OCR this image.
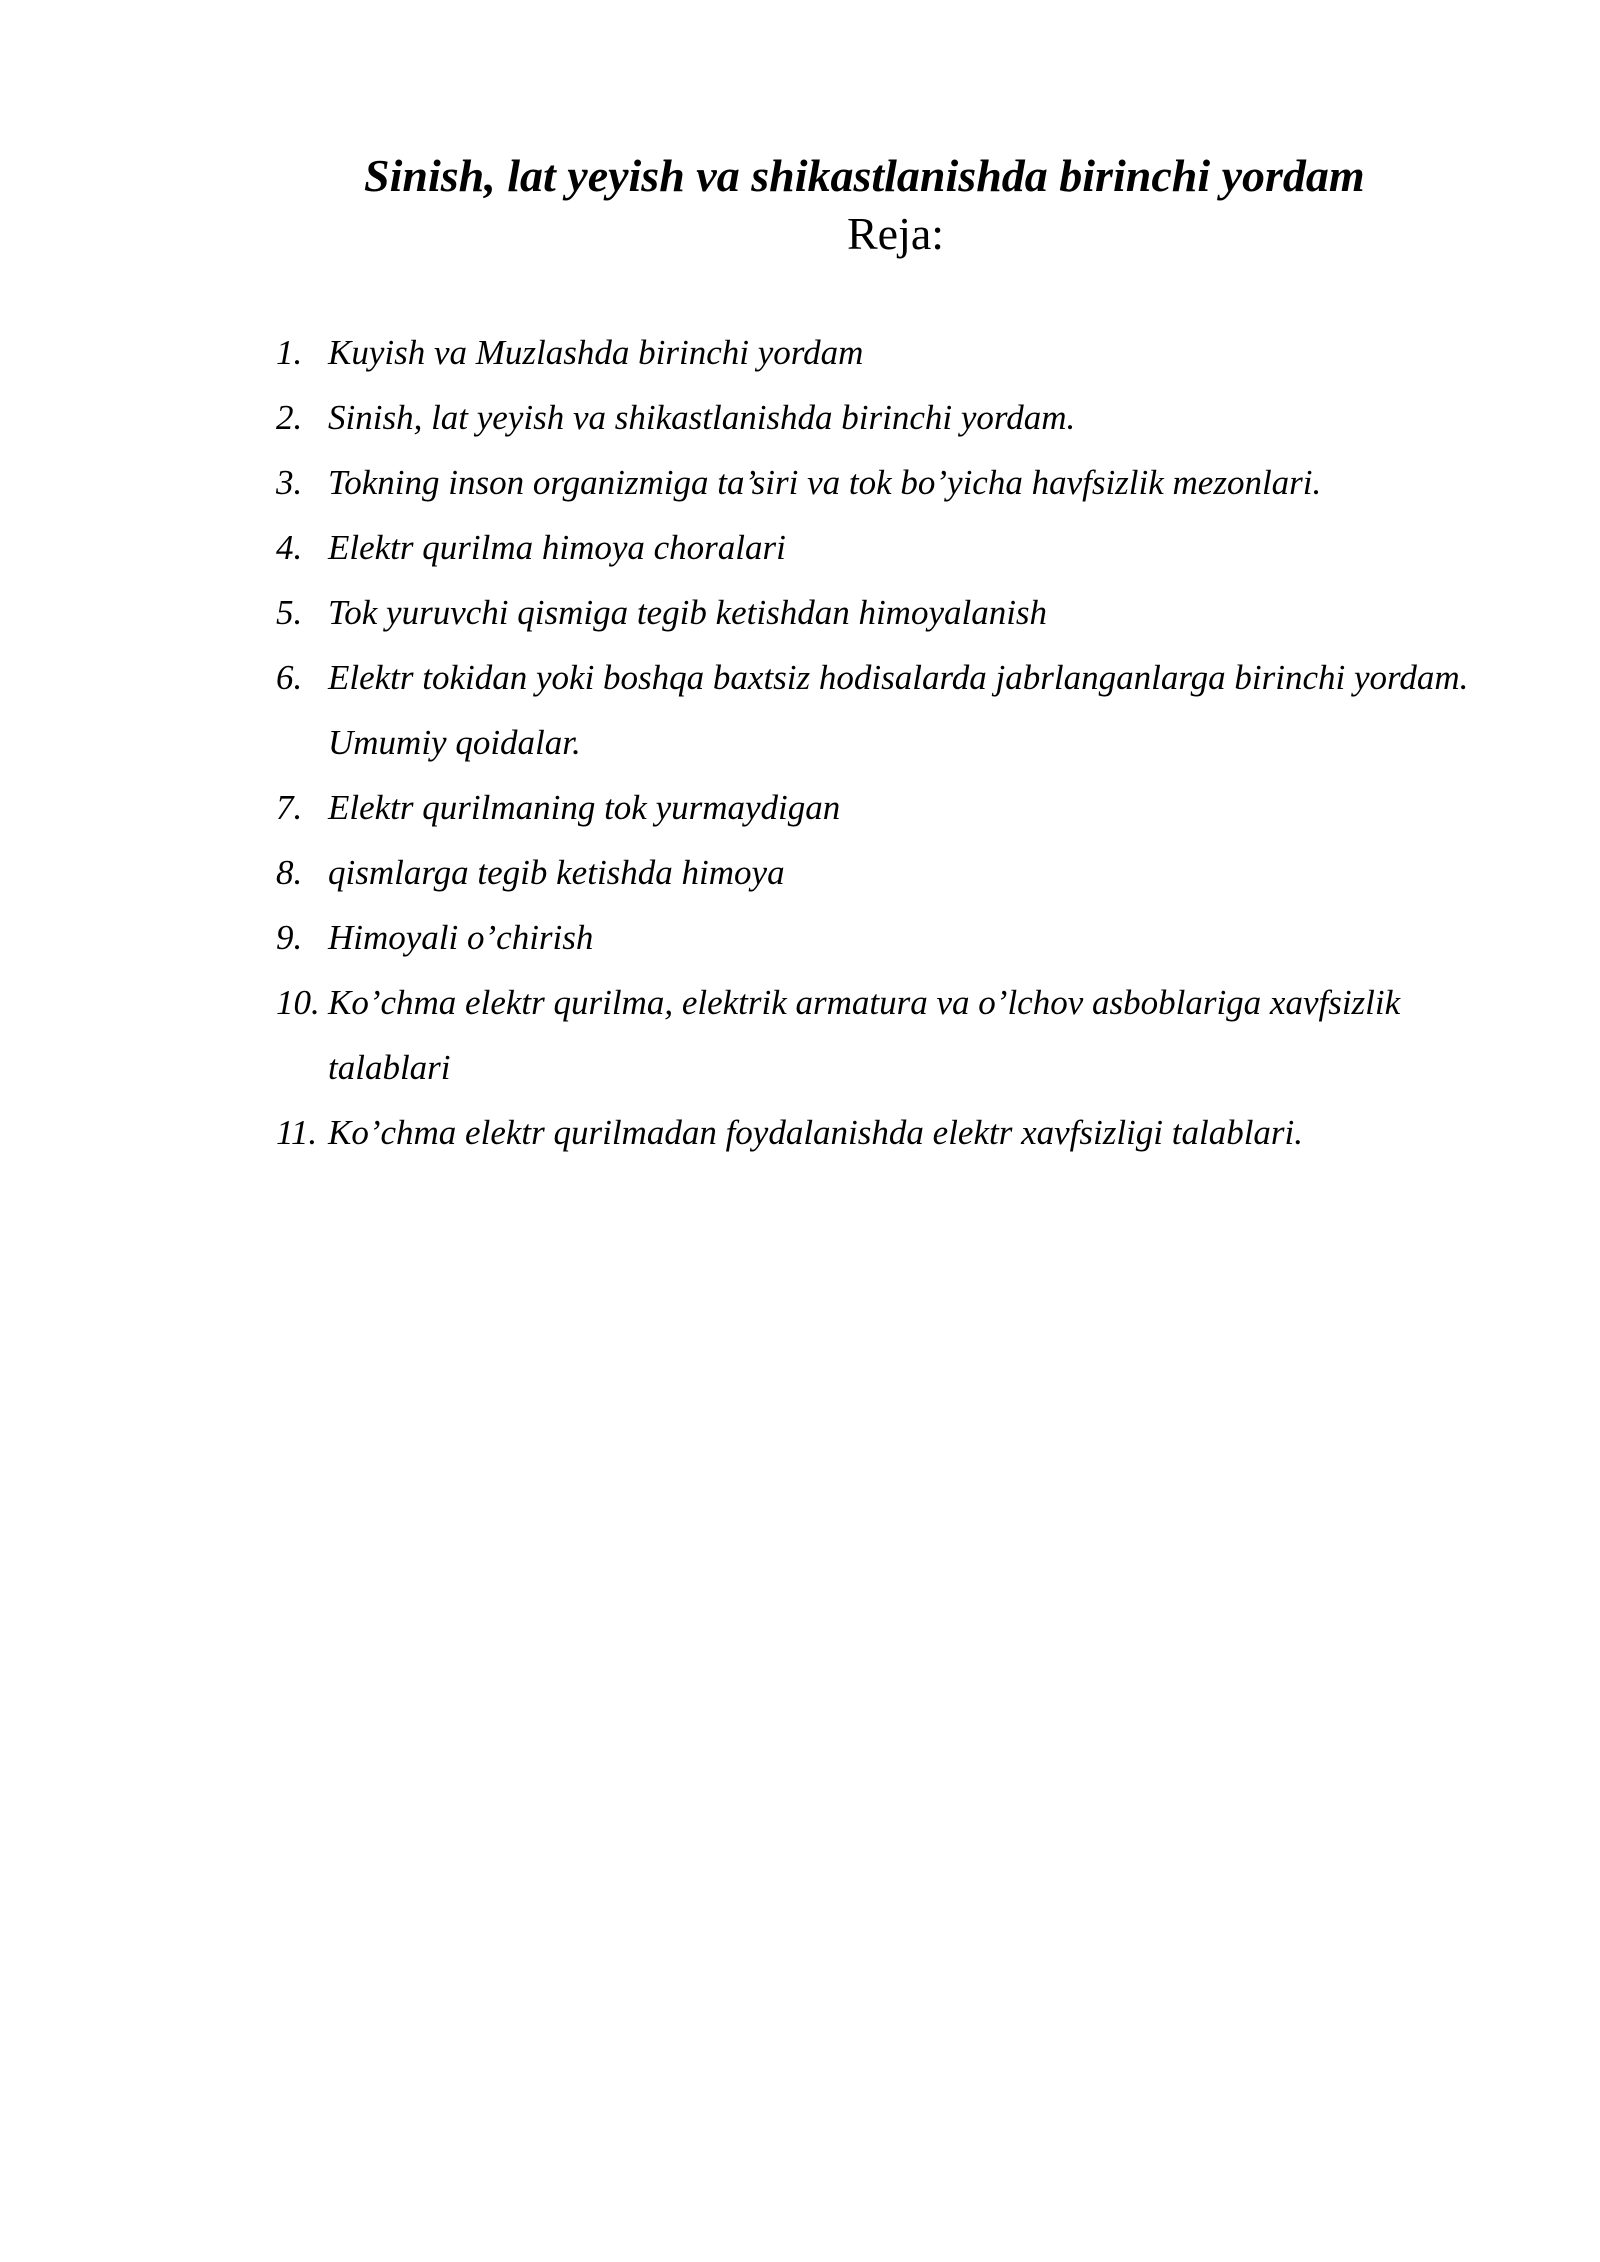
Sinish, lat yeyish va shikastlanishda birinchi yordam
Reja:
1. Kuyish va Muzlashda birinchi yordam
2. Sinish, lat yeyish va shikastlanishda birinchi yordam.
3. Tokning inson organizmiga ta’siri va tok bo’yicha havfsizlik mezonlari.
4. Elektr qurilma himoya choralari
5. Tok yuruvchi qismiga tegib ketishdan himoyalanish
6. Elektr tokidan yoki boshqa baxtsiz hodisalarda jabrlanganlarga birinchi yordam. Umumiy qoidalar.
7. Elektr qurilmaning tok yurmaydigan
8. qismlarga tegib ketishda himoya
9. Himoyali o’chirish
10. Ko’chma elektr qurilma, elektrik armatura va o’lchov asboblariga xavfsizlik talablari
11. Ko’chma elektr qurilmadan foydalanishda elektr xavfsizligi talablari.
